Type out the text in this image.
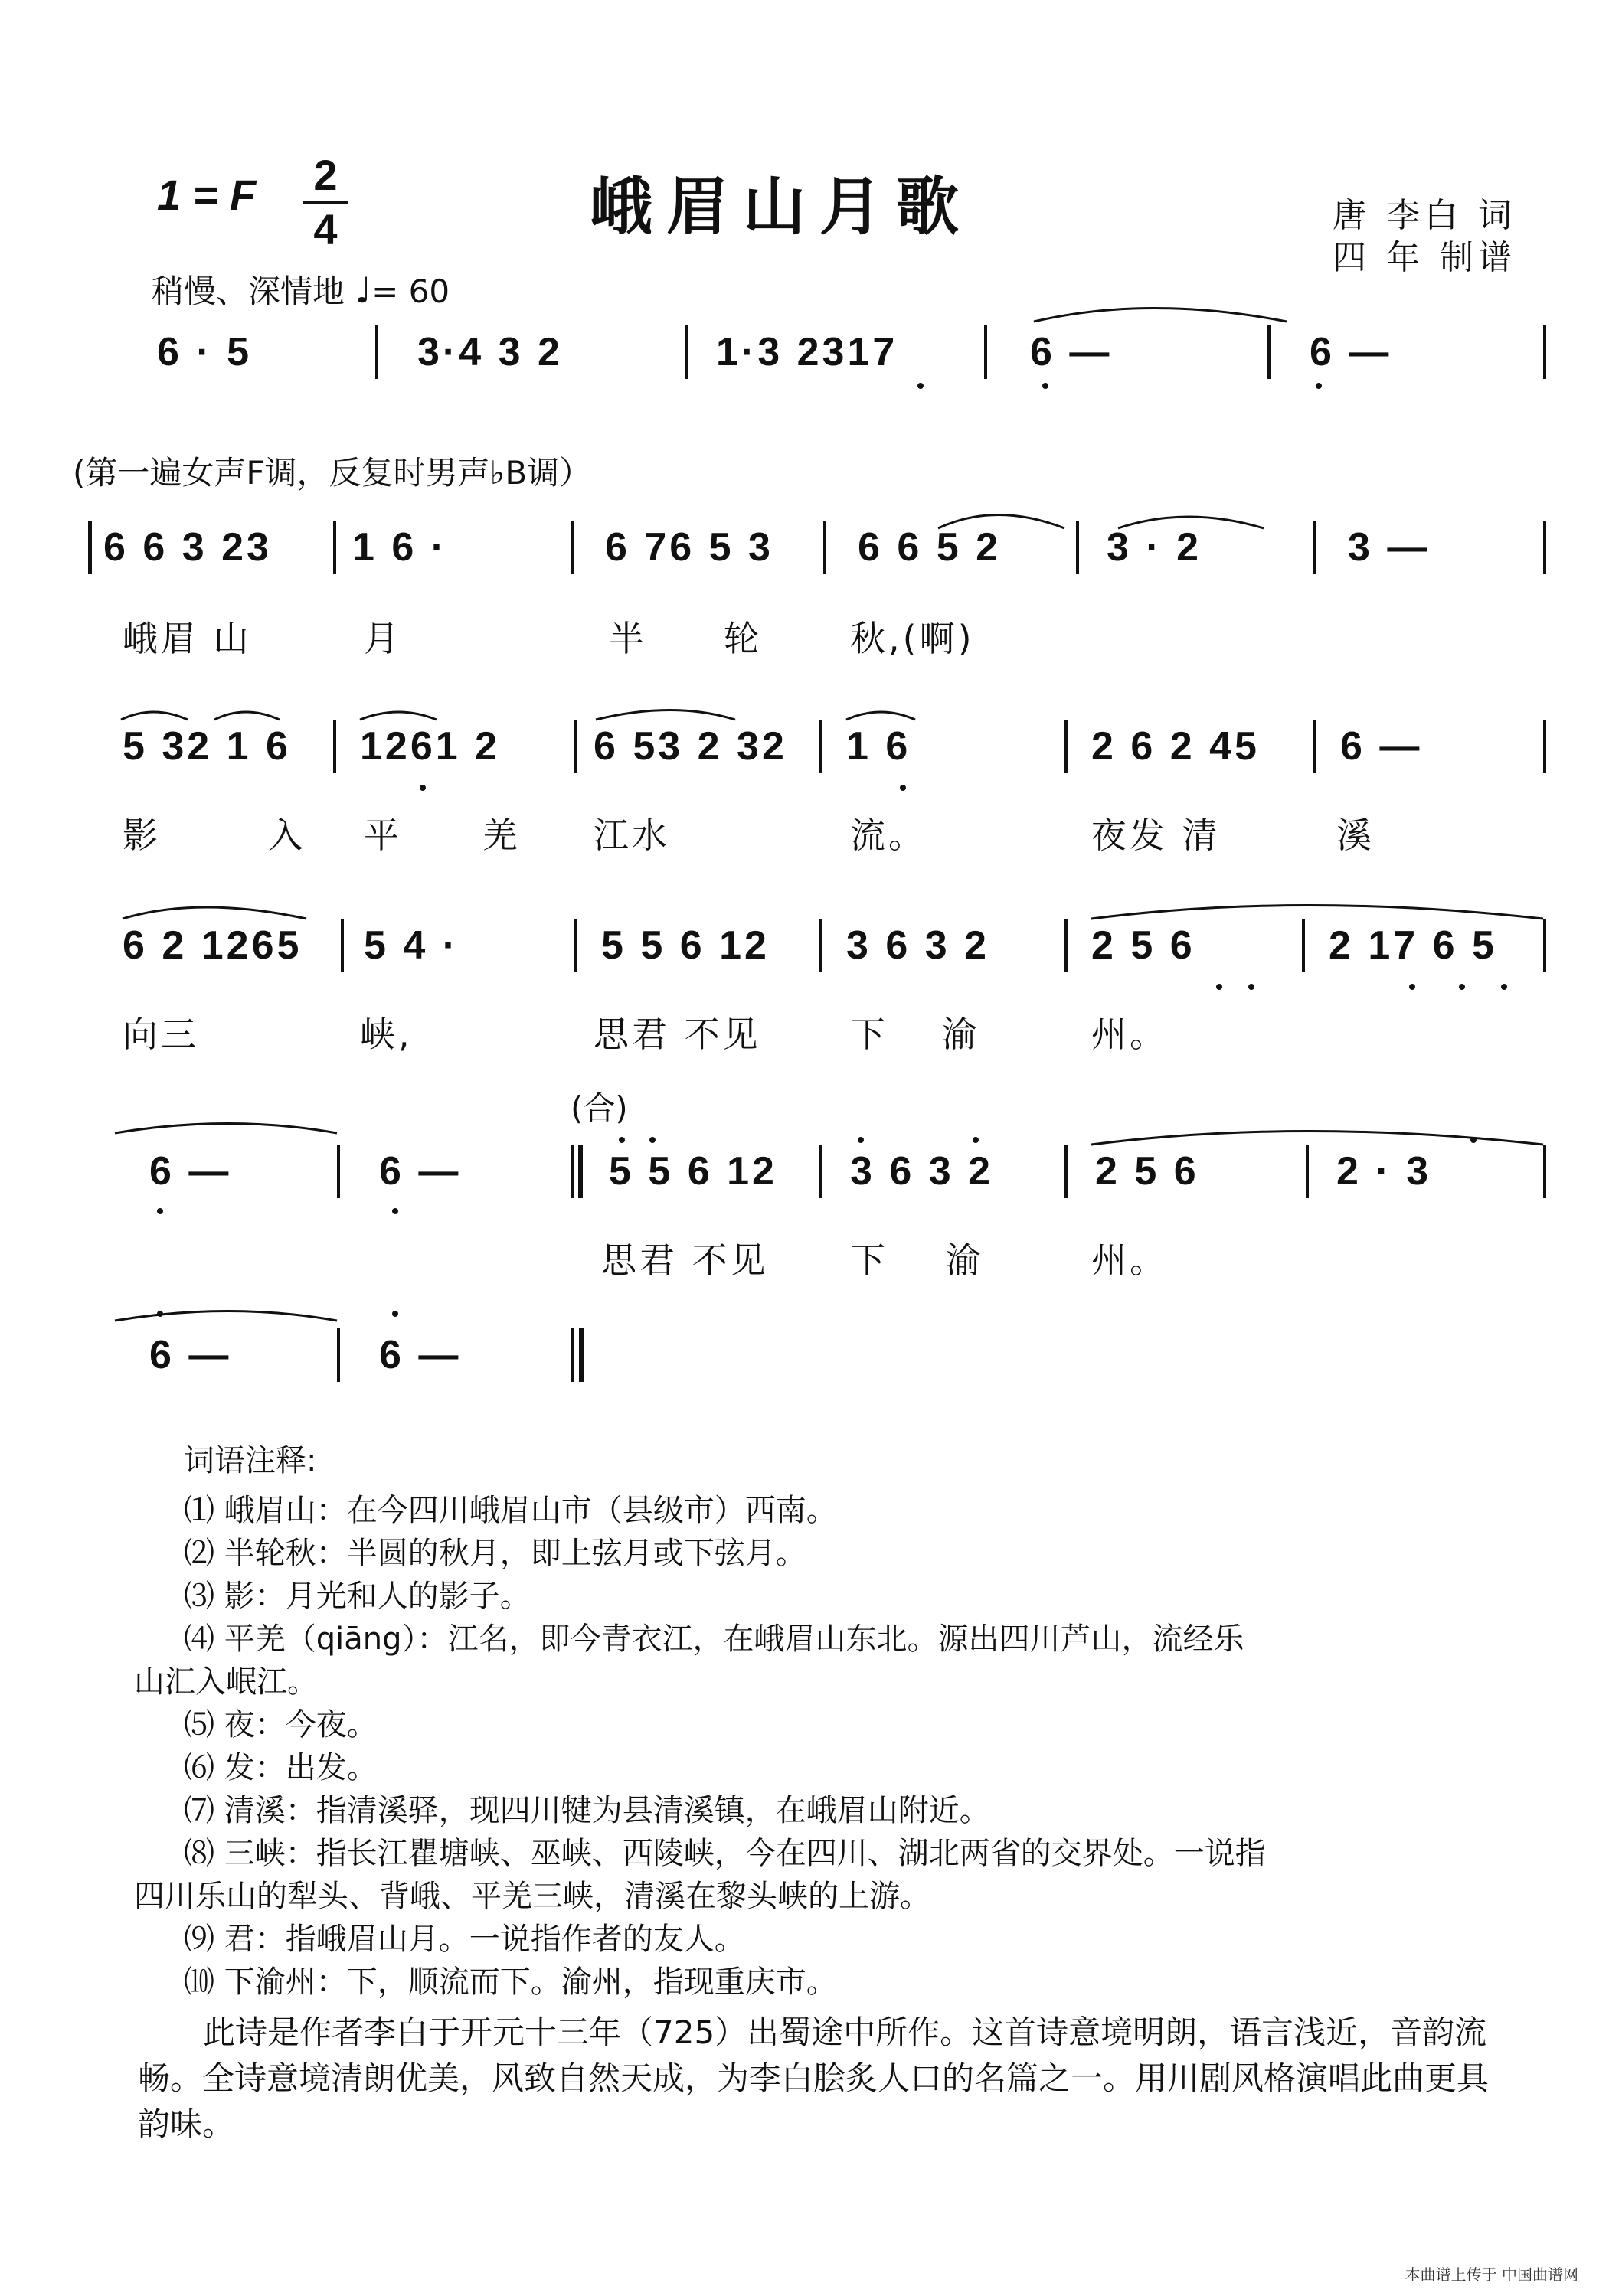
1 = F 2
4	峨眉山月歌	唐 李白 词
四 年 制谱
稍慢、深情地 ♩= 60
6 · 5	3·4 3 2	1·3 2317	6 —	6 —
(第一遍女声F调，反复时男声♭B调）
6 6 3 23 1 6 ·	6 76 5 3 6 6 5 2	3 · 2	3 —
峨眉 山	月	半 轮	秋,(啊)
5 32 1 6 1261 2 6 53 2 32 1 6	2 6 2 45 6 —
影	入 平 羌 江水	流。	夜发 清	溪
6 2 1265 5 4 ·	5 5 6 12 3 6 3 2	2 5 6	2 17 6 5
向三	峡,	思君 不见	下 渝	州。
(合)
6 —	6 —	5 5 6 12 3 6 3 2	2 5 6	2 · 3
思君 不见 下 渝	州。
6 —	6 —
词语注释:
⑴ 峨眉山：在今四川峨眉山市（县级市）西南。
⑵ 半轮秋：半圆的秋月，即上弦月或下弦月。
⑶ 影：月光和人的影子。
⑷ 平羌（qiāng）：江名，即今青衣江，在峨眉山东北。源出四川芦山，流经乐
山汇入岷江。
⑸ 夜：今夜。
⑹ 发：出发。
⑺ 清溪：指清溪驿，现四川犍为县清溪镇，在峨眉山附近。
⑻ 三峡：指长江瞿塘峡、巫峡、西陵峡，今在四川、湖北两省的交界处。一说指
四川乐山的犁头、背峨、平羌三峡，清溪在黎头峡的上游。
⑼ 君：指峨眉山月。一说指作者的友人。
⑽ 下渝州：下，顺流而下。渝州，指现重庆市。
此诗是作者李白于开元十三年（725）出蜀途中所作。这首诗意境明朗，语言浅近，音韵流畅。全诗意境清朗优美，风致自然天成，为李白脍炙人口的名篇之一。用川剧风格演唱此曲更具韵味。
本曲谱上传于 中国曲谱网
